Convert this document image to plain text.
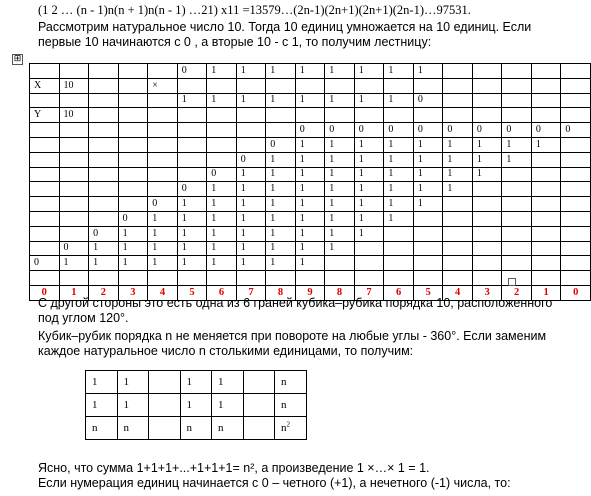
(1 2 … (n - 1)n(n + 1)n(n - 1) …21) x11 =13579…(2n-1)(2n+1)(2n+1)(2n-1)…97531.

Рассмотрим натуральное число 10. Тогда 10 единиц умножается на 10 единиц. Если

первые 10 начинаются с 0 , а вторые 10 - с 1, то получим лестницу:

⊞
					0	1	1	1	1	1	1	1	1					
X	10			×														
					1	1	1	1	1	1	1	1	0					
Y	10																	
									0	0	0	0	0	0	0	0	0	0
								0	1	1	1	1	1	1	1	1	1	
							0	1	1	1	1	1	1	1	1	1		
						0	1	1	1	1	1	1	1	1	1			
					0	1	1	1	1	1	1	1	1	1				
				0	1	1	1	1	1	1	1	1	1					
			0	1	1	1	1	1	1	1	1	1						
		0	1	1	1	1	1	1	1	1	1							
	0	1	1	1	1	1	1	1	1	1								
0	1	1	1	1	1	1	1	1	1									

0	1	2	3	4	5	6	7	8	9	8	7	6	5	4	3	2	1	0

С другой стороны это есть одна из 6 граней кубика–рубика порядка 10, расположенного

под углом 120°.

Кубик–рубик порядка n не меняется при повороте на любые углы - 360°. Если заменим

каждое натуральное число n столькими единицами, то получим:

1	1		1	1		n
1	1		1	1		n
n	n		n	n		$n^2$

Ясно, что сумма 1+1+1+...+1+1+1= n², а произведение 1 ×…× 1 = 1.

Если нумерация единиц начинается с 0 – четного (+1), а нечетного (-1) числа, то:
